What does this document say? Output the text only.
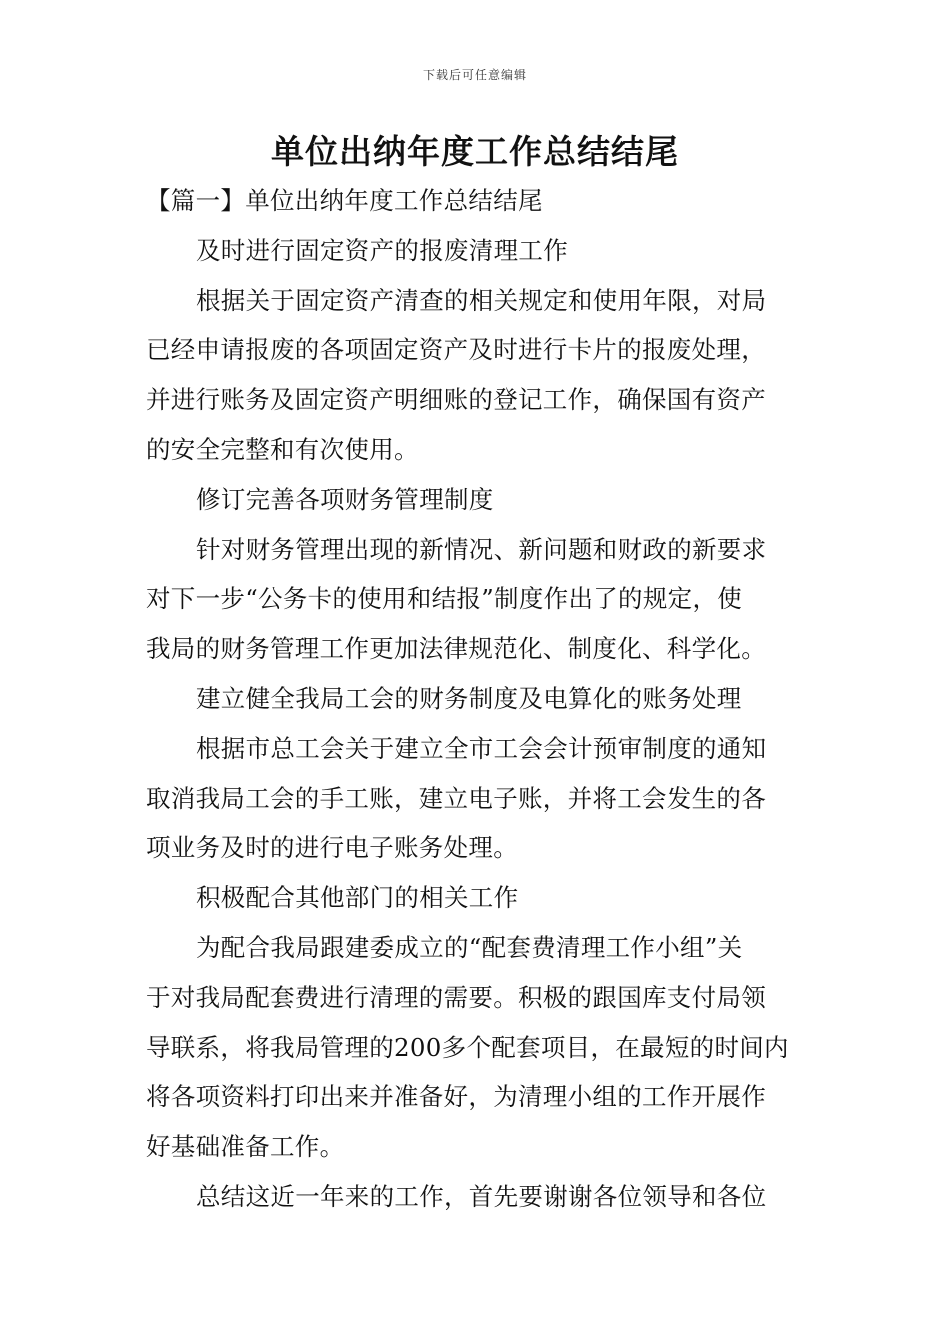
下载后可任意编辑
单位出纳年度工作总结结尾
【篇一】单位出纳年度工作总结结尾
及时进行固定资产的报废清理工作
根据关于固定资产清查的相关规定和使用年限，对局
已经申请报废的各项固定资产及时进行卡片的报废处理，
并进行账务及固定资产明细账的登记工作，确保国有资产
的安全完整和有次使用。
修订完善各项财务管理制度
针对财务管理出现的新情况、新问题和财政的新要求
对下一步“公务卡的使用和结报”制度作出了的规定，使
我局的财务管理工作更加法律规范化、制度化、科学化。
建立健全我局工会的财务制度及电算化的账务处理
根据市总工会关于建立全市工会会计预审制度的通知
取消我局工会的手工账，建立电子账，并将工会发生的各
项业务及时的进行电子账务处理。
积极配合其他部门的相关工作
为配合我局跟建委成立的“配套费清理工作小组”关
于对我局配套费进行清理的需要。积极的跟国库支付局领
导联系，将我局管理的200多个配套项目，在最短的时间内
将各项资料打印出来并准备好，为清理小组的工作开展作
好基础准备工作。
总结这近一年来的工作，首先要谢谢各位领导和各位
